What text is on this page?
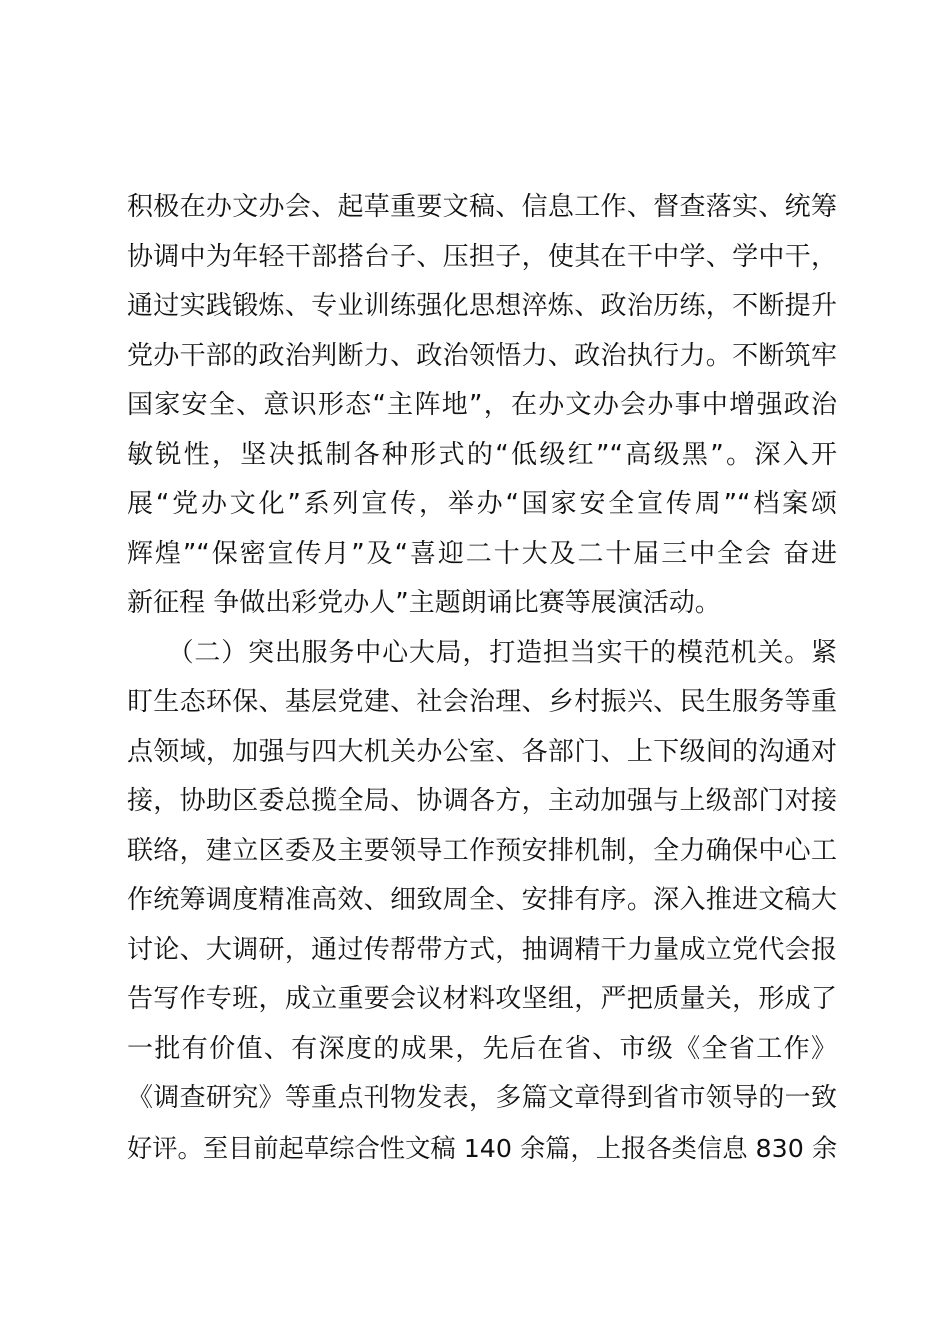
积极在办文办会、起草重要文稿、信息工作、督查落实、统筹
协调中为年轻干部搭台子、压担子，使其在干中学、学中干，
通过实践锻炼、专业训练强化思想淬炼、政治历练，不断提升
党办干部的政治判断力、政治领悟力、政治执行力。不断筑牢
国家安全、意识形态“主阵地”，在办文办会办事中增强政治
敏锐性，坚决抵制各种形式的“低级红”“高级黑”。深入开
展“党办文化”系列宣传，举办“国家安全宣传周”“档案颂
辉煌”“保密宣传月”及“喜迎二十大及二十届三中全会 奋进
新征程 争做出彩党办人”主题朗诵比赛等展演活动。
　　（二）突出服务中心大局，打造担当实干的模范机关。紧
盯生态环保、基层党建、社会治理、乡村振兴、民生服务等重
点领域，加强与四大机关办公室、各部门、上下级间的沟通对
接，协助区委总揽全局、协调各方，主动加强与上级部门对接
联络，建立区委及主要领导工作预安排机制，全力确保中心工
作统筹调度精准高效、细致周全、安排有序。深入推进文稿大
讨论、大调研，通过传帮带方式，抽调精干力量成立党代会报
告写作专班，成立重要会议材料攻坚组，严把质量关，形成了
一批有价值、有深度的成果，先后在省、市级《全省工作》
《调查研究》等重点刊物发表，多篇文章得到省市领导的一致
好评。至目前起草综合性文稿 140 余篇，上报各类信息 830 余
